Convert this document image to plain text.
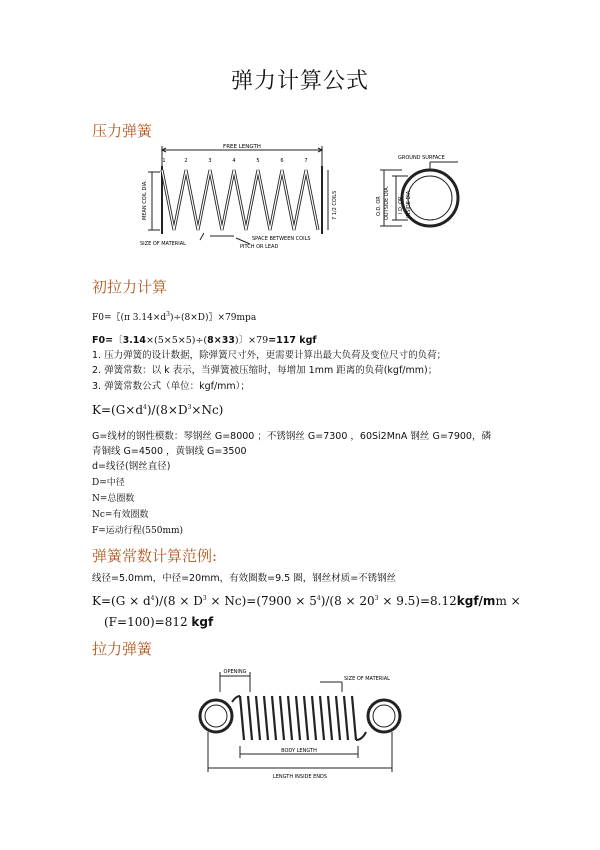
弹力计算公式
压力弹簧
FREE LENGTH
1	2	3	4	5	6	7
MEAN COIL DIA.	7 1/2 COILS
SIZE OF MATERIAL
SPACE BETWEEN COILS
PITCH OR LEAD
GROUND SURFACE
O.D. OR OUTSIDE DIA. I.D. OR INSIDE DIA.
初拉力计算
F0=〖(π $3.14\times d^3)\div(8\times D)$〗×79mpa
F0=〔3.14×(5×5×5)÷(8×33)〕×79=117 kgf
1. 压力弹簧的设计数据，除弹簧尺寸外，更需要计算出最大负荷及变位尺寸的负荷；
2. 弹簧常数：以 k 表示，当弹簧被压缩时，每增加 1mm 距离的负荷(kgf/mm)；
3. 弹簧常数公式（单位：kgf/mm）；
$K=(G\times d^4)/(8\times D^3\times Nc)$
G=线材的钢性模数：琴钢丝 G=8000 ；不锈钢丝 G=7300 ，60Si2MnA 钢丝 G=7900，磷
青铜线 G=4500 ，黄铜线 G=3500
d=线径(钢丝直径)
D=中径
N=总圈数
Nc=有效圈数
F=运动行程(550mm)
弹簧常数计算范例:
线径=5.0mm，中径=20mm，有效圈数=9.5 圈，钢丝材质=不锈钢丝
$K=(G \times d^4)/(8 \times D^3 \times Nc)=(7900 \times 5^4)/(8 \times 20^3 \times 9.5)=8.12kgf/mm$ ×
(F=100)=812 kgf
拉力弹簧
OPENING
SIZE OF MATERIAL
BODY LENGTH
LENGTH INSIDE ENDS
